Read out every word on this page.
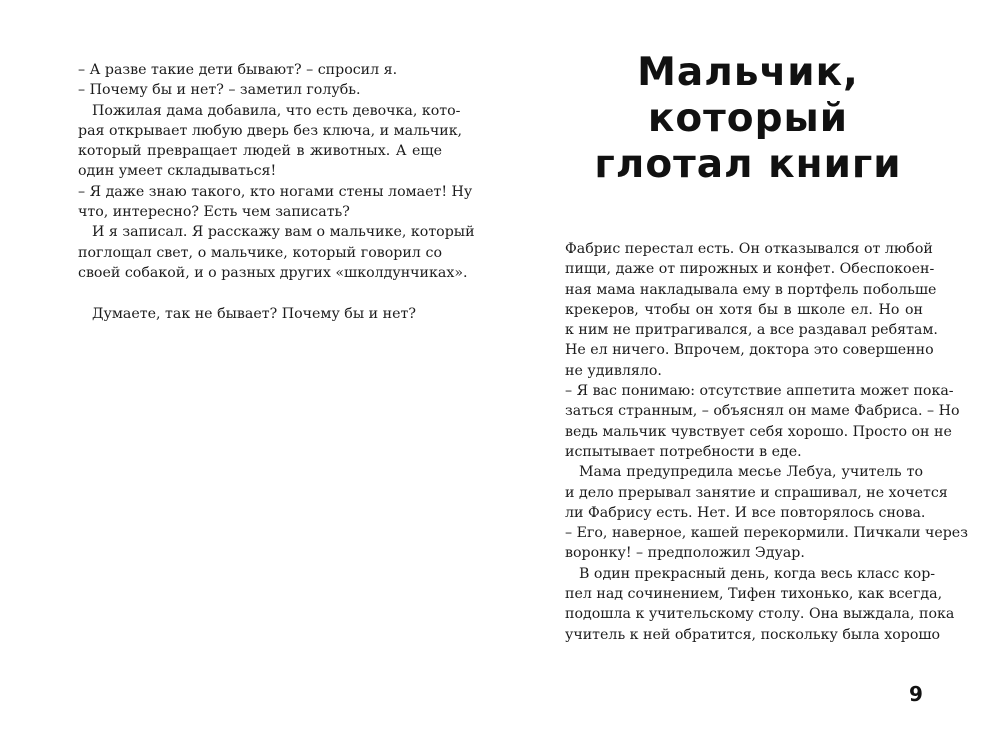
– А разве такие дети бывают? – спросил я.
– Почему бы и нет? – заметил голубь.
Пожилая дама добавила, что есть девочка, кото-
рая открывает любую дверь без ключа, и мальчик,
который превращает людей в животных. А еще
один умеет складываться!
– Я даже знаю такого, кто ногами стены ломает! Ну
что, интересно? Есть чем записать?
И я записал. Я расскажу вам о мальчике, который
поглощал свет, о мальчике, который говорил со
своей собакой, и о разных других «школдунчиках».
Думаете, так не бывает? Почему бы и нет?
Мальчик, который
глотал книги
Фабрис перестал есть. Он отказывался от любой
пищи, даже от пирожных и конфет. Обеспокоен-
ная мама накладывала ему в портфель побольше
крекеров, чтобы он хотя бы в школе ел. Но он
к ним не притрагивался, а все раздавал ребятам.
Не ел ничего. Впрочем, доктора это совершенно
не удивляло.
– Я вас понимаю: отсутствие аппетита может пока-
заться странным, – объяснял он маме Фабриса. – Но
ведь мальчик чувствует себя хорошо. Просто он не
испытывает потребности в еде.
Мама предупредила месье Лебуа, учитель то
и дело прерывал занятие и спрашивал, не хочется
ли Фабрису есть. Нет. И все повторялось снова.
– Его, наверное, кашей перекормили. Пичкали через
воронку! – предположил Эдуар.
В один прекрасный день, когда весь класс кор-
пел над сочинением, Тифен тихонько, как всегда,
подошла к учительскому столу. Она выждала, пока
учитель к ней обратится, поскольку была хорошо
9
